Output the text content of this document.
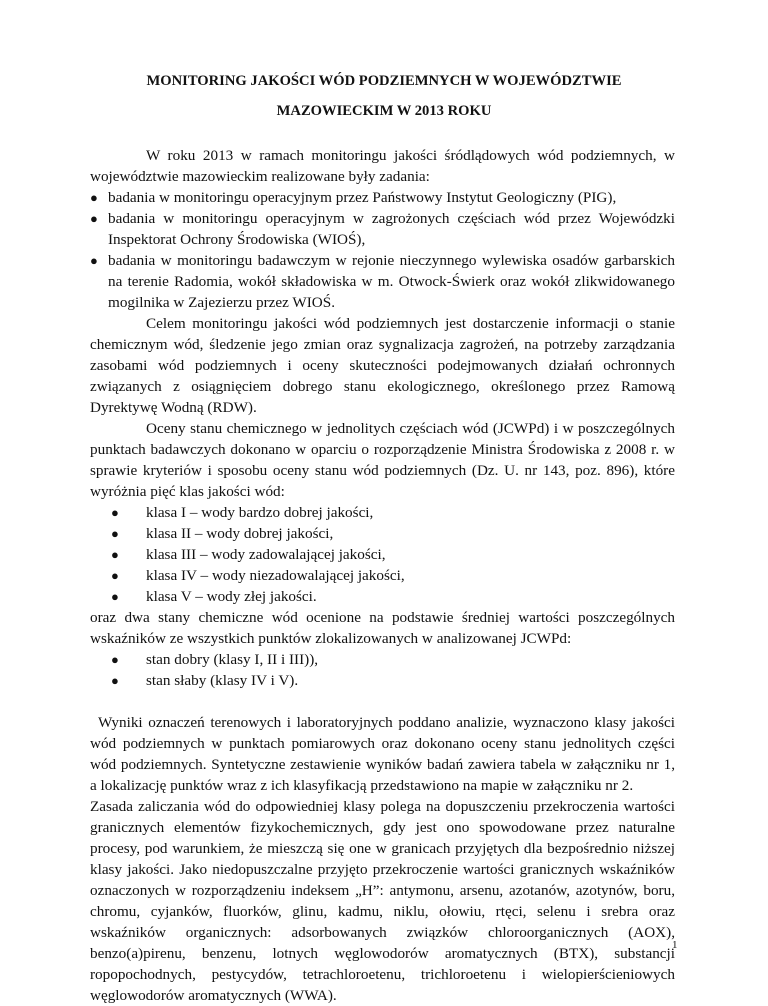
MONITORING JAKOŚCI WÓD PODZIEMNYCH W WOJEWÓDZTWIE
MAZOWIECKIM W 2013 ROKU

W roku 2013 w ramach monitoringu jakości śródlądowych wód podziemnych, w województwie mazowieckim realizowane były zadania:

● badania w monitoringu operacyjnym przez Państwowy Instytut Geologiczny (PIG),
● badania w monitoringu operacyjnym w zagrożonych częściach wód przez Wojewódzki Inspektorat Ochrony Środowiska (WIOŚ),
● badania w monitoringu badawczym w rejonie nieczynnego wylewiska osadów garbarskich na terenie Radomia, wokół składowiska w m. Otwock-Świerk oraz wokół zlikwidowanego mogilnika w Zajezierzu przez WIOŚ.

Celem monitoringu jakości wód podziemnych jest dostarczenie informacji o stanie chemicznym wód, śledzenie jego zmian oraz sygnalizacja zagrożeń, na potrzeby zarządzania zasobami wód podziemnych i oceny skuteczności podejmowanych działań ochronnych związanych z osiągnięciem dobrego stanu ekologicznego, określonego przez Ramową Dyrektywę Wodną (RDW).

Oceny stanu chemicznego w jednolitych częściach wód (JCWPd) i w poszczególnych punktach badawczych dokonano w oparciu o rozporządzenie Ministra Środowiska z 2008 r. w sprawie kryteriów i sposobu oceny stanu wód podziemnych (Dz. U. nr 143, poz. 896), które wyróżnia pięć klas jakości wód:

● klasa I – wody bardzo dobrej jakości,
● klasa II – wody dobrej jakości,
● klasa III – wody zadowalającej jakości,
● klasa IV – wody niezadowalającej jakości,
● klasa V – wody złej jakości.

oraz dwa stany chemiczne wód ocenione na podstawie średniej wartości poszczególnych wskaźników ze wszystkich punktów zlokalizowanych w analizowanej JCWPd:

● stan dobry (klasy I, II i III)),
● stan słaby (klasy IV i V).

Wyniki oznaczeń terenowych i laboratoryjnych poddano analizie, wyznaczono klasy jakości wód podziemnych w punktach pomiarowych oraz dokonano oceny stanu jednolitych części wód podziemnych. Syntetyczne zestawienie wyników badań zawiera tabela w załączniku nr 1, a lokalizację punktów wraz z ich klasyfikacją przedstawiono na mapie w załączniku nr 2.

Zasada zaliczania wód do odpowiedniej klasy polega na dopuszczeniu przekroczenia wartości granicznych elementów fizykochemicznych, gdy jest ono spowodowane przez naturalne procesy, pod warunkiem, że mieszczą się one w granicach przyjętych dla bezpośrednio niższej klasy jakości. Jako niedopuszczalne przyjęto przekroczenie wartości granicznych wskaźników oznaczonych w rozporządzeniu indeksem „H”: antymonu, arsenu, azotanów, azotynów, boru, chromu, cyjanków, fluorków, glinu, kadmu, niklu, ołowiu, rtęci, selenu i srebra oraz wskaźników organicznych: adsorbowanych związków chloroorganicznych (AOX), benzo(a)pirenu, benzenu, lotnych węglowodorów aromatycznych (BTX), substancji ropopochodnych, pestycydów, tetrachloroetenu, trichloroetenu i wielopierścieniowych węglowodorów aromatycznych (WWA).

1
